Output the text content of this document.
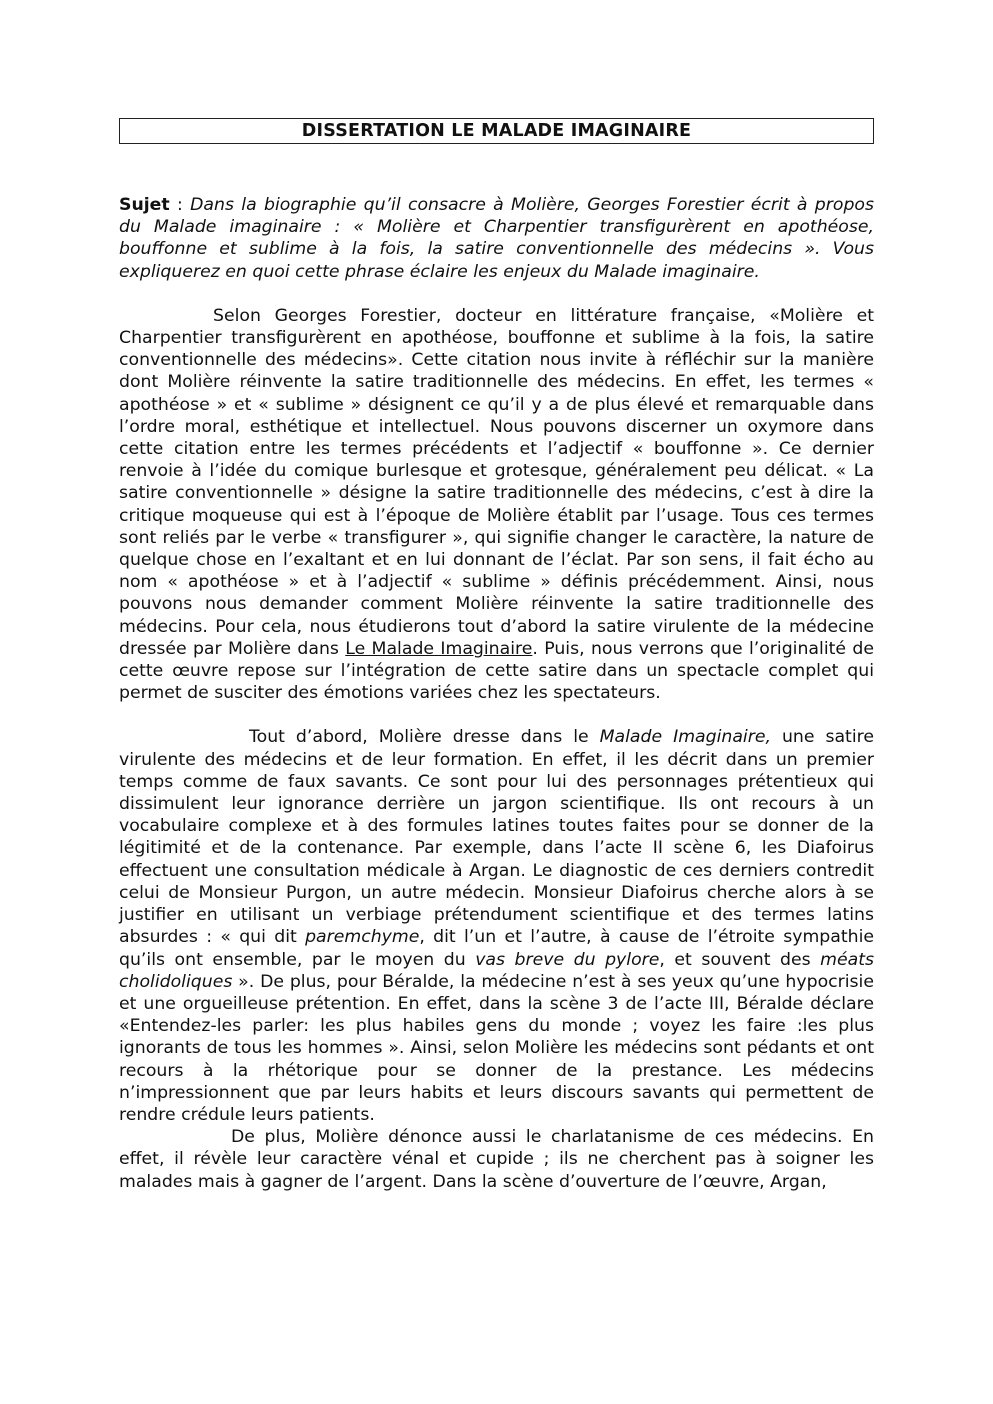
DISSERTATION LE MALADE IMAGINAIRE

Sujet : Dans la biographie qu’il consacre à Molière, Georges Forestier écrit à propos du Malade imaginaire : « Molière et Charpentier transfigurèrent en apothéose, bouffonne et sublime à la fois, la satire conventionnelle des médecins ». Vous expliquerez en quoi cette phrase éclaire les enjeux du Malade imaginaire.

Selon Georges Forestier, docteur en littérature française, «Molière et Charpentier transfigurèrent en apothéose, bouffonne et sublime à la fois, la satire conventionnelle des médecins». Cette citation nous invite à réfléchir sur la manière dont Molière réinvente la satire traditionnelle des médecins. En effet, les termes « apothéose » et « sublime » désignent ce qu’il y a de plus élevé et remarquable dans l’ordre moral, esthétique et intellectuel. Nous pouvons discerner un oxymore dans cette citation entre les termes précédents et l’adjectif « bouffonne ». Ce dernier renvoie à l’idée du comique burlesque et grotesque, généralement peu délicat. « La satire conventionnelle » désigne la satire traditionnelle des médecins, c’est à dire la critique moqueuse qui est à l’époque de Molière établit par l’usage. Tous ces termes sont reliés par le verbe « transfigurer », qui signifie changer le caractère, la nature de quelque chose en l’exaltant et en lui donnant de l’éclat. Par son sens, il fait écho au nom « apothéose » et à l’adjectif « sublime » définis précédemment. Ainsi, nous pouvons nous demander comment Molière réinvente la satire traditionnelle des médecins. Pour cela, nous étudierons tout d’abord la satire virulente de la médecine dressée par Molière dans Le Malade Imaginaire. Puis, nous verrons que l’originalité de cette œuvre repose sur l’intégration de cette satire dans un spectacle complet qui permet de susciter des émotions variées chez les spectateurs.

Tout d’abord, Molière dresse dans le Malade Imaginaire, une satire virulente des médecins et de leur formation. En effet, il les décrit dans un premier temps comme de faux savants. Ce sont pour lui des personnages prétentieux qui dissimulent leur ignorance derrière un jargon scientifique. Ils ont recours à un vocabulaire complexe et à des formules latines toutes faites pour se donner de la légitimité et de la contenance. Par exemple, dans l’acte II scène 6, les Diafoirus effectuent une consultation médicale à Argan. Le diagnostic de ces derniers contredit celui de Monsieur Purgon, un autre médecin. Monsieur Diafoirus cherche alors à se justifier en utilisant un verbiage prétendument scientifique et des termes latins absurdes : « qui dit paremchyme, dit l’un et l’autre, à cause de l’étroite sympathie qu’ils ont ensemble, par le moyen du vas breve du pylore, et souvent des méats cholidoliques ». De plus, pour Béralde, la médecine n’est à ses yeux qu’une hypocrisie et une orgueilleuse prétention. En effet, dans la scène 3 de l’acte III, Béralde déclare «Entendez-les parler: les plus habiles gens du monde ; voyez les faire :les plus ignorants de tous les hommes ». Ainsi, selon Molière les médecins sont pédants et ont recours à la rhétorique pour se donner de la prestance. Les médecins n’impressionnent que par leurs habits et leurs discours savants qui permettent de rendre crédule leurs patients.

De plus, Molière dénonce aussi le charlatanisme de ces médecins. En effet, il révèle leur caractère vénal et cupide ; ils ne cherchent pas à soigner les malades mais à gagner de l’argent. Dans la scène d’ouverture de l’œuvre, Argan,
